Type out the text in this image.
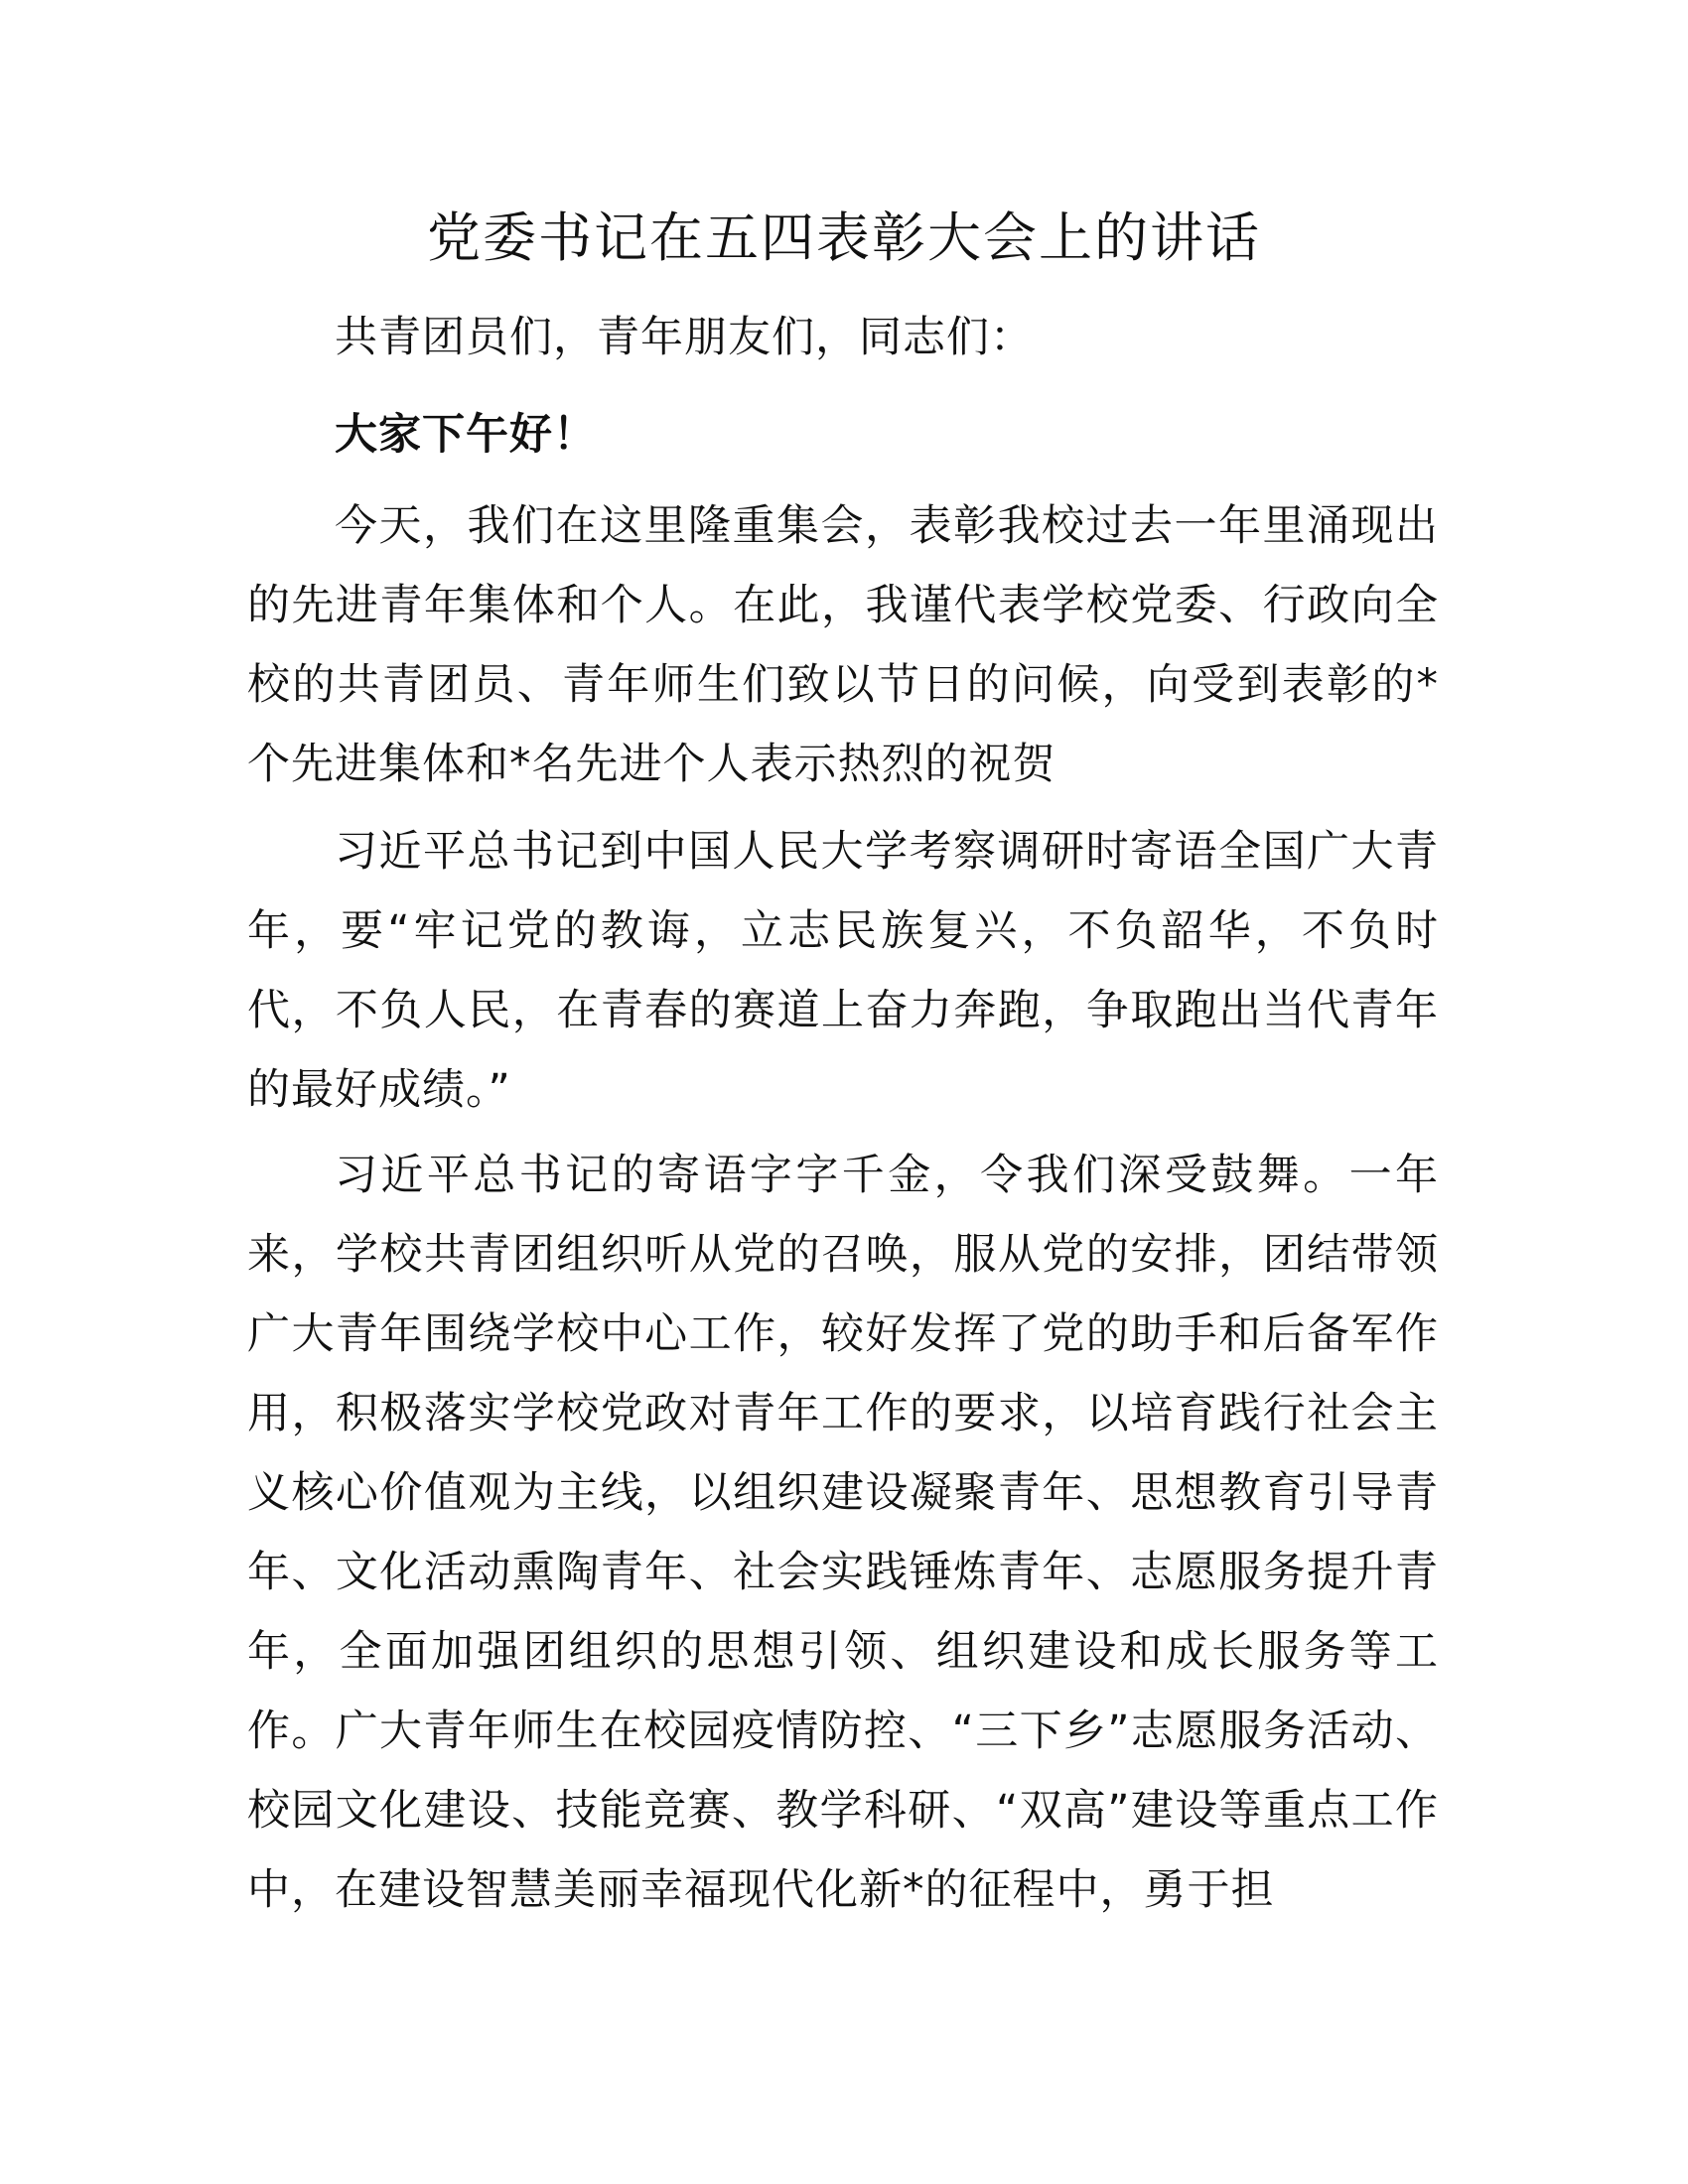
党委书记在五四表彰大会上的讲话

共青团员们，青年朋友们，同志们：

大家下午好！

今天，我们在这里隆重集会，表彰我校过去一年里涌现出的先进青年集体和个人。在此，我谨代表学校党委、行政向全校的共青团员、青年师生们致以节日的问候，向受到表彰的*个先进集体和*名先进个人表示热烈的祝贺

习近平总书记到中国人民大学考察调研时寄语全国广大青年，要“牢记党的教诲，立志民族复兴，不负韶华，不负时代，不负人民，在青春的赛道上奋力奔跑，争取跑出当代青年的最好成绩。”

习近平总书记的寄语字字千金，令我们深受鼓舞。一年来，学校共青团组织听从党的召唤，服从党的安排，团结带领广大青年围绕学校中心工作，较好发挥了党的助手和后备军作用，积极落实学校党政对青年工作的要求，以培育践行社会主义核心价值观为主线，以组织建设凝聚青年、思想教育引导青年、文化活动熏陶青年、社会实践锤炼青年、志愿服务提升青年，全面加强团组织的思想引领、组织建设和成长服务等工作。广大青年师生在校园疫情防控、“三下乡”志愿服务活动、校园文化建设、技能竞赛、教学科研、“双高”建设等重点工作中，在建设智慧美丽幸福现代化新*的征程中，勇于担
